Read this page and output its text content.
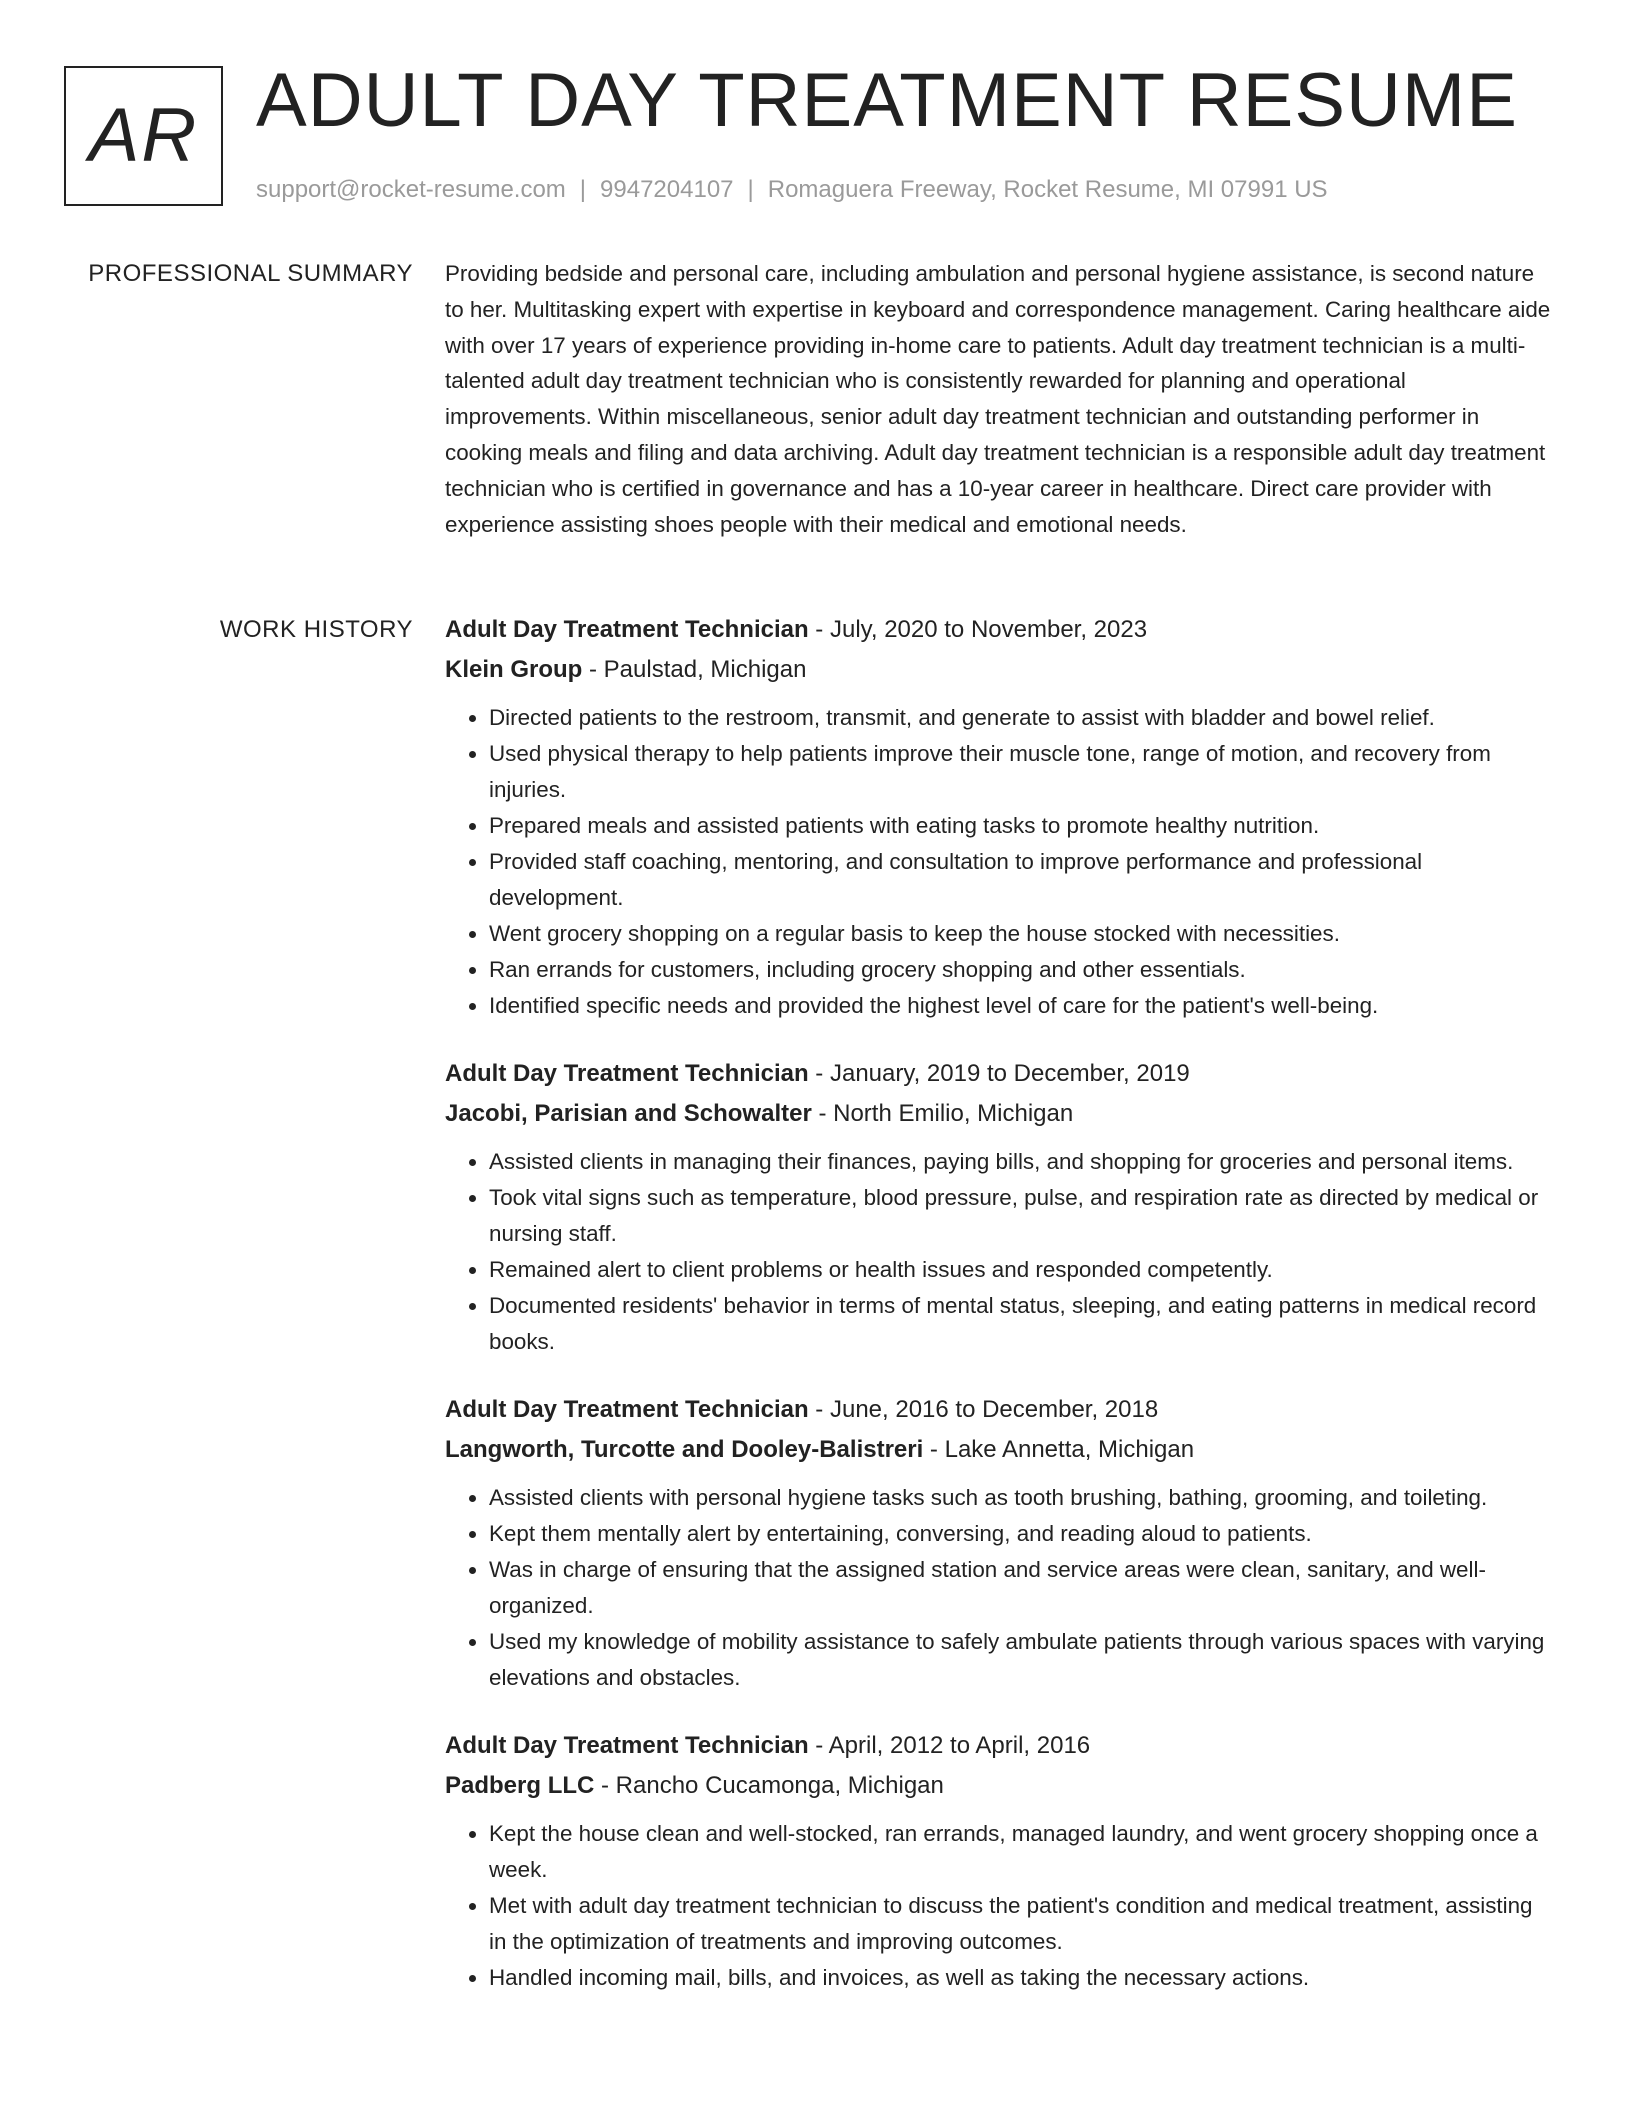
AR ADULT DAY TREATMENT RESUME
support@rocket-resume.com | 9947204107 | Romaguera Freeway, Rocket Resume, MI 07991 US
PROFESSIONAL SUMMARY Providing bedside and personal care, including ambulation and personal hygiene assistance, is second nature to her. Multitasking expert with expertise in keyboard and correspondence management. Caring healthcare aide with over 17 years of experience providing in-home care to patients. Adult day treatment technician is a multi-talented adult day treatment technician who is consistently rewarded for planning and operational improvements. Within miscellaneous, senior adult day treatment technician and outstanding performer in cooking meals and filing and data archiving. Adult day treatment technician is a responsible adult day treatment technician who is certified in governance and has a 10-year career in healthcare. Direct care provider with experience assisting shoes people with their medical and emotional needs.

WORK HISTORY Adult Day Treatment Technician - July, 2020 to November, 2023

Klein Group - Paulstad, Michigan

• Directed patients to the restroom, transmit, and generate to assist with bladder and bowel relief.
• Used physical therapy to help patients improve their muscle tone, range of motion, and recovery from injuries.
• Prepared meals and assisted patients with eating tasks to promote healthy nutrition.
• Provided staff coaching, mentoring, and consultation to improve performance and professional development.
• Went grocery shopping on a regular basis to keep the house stocked with necessities.
• Ran errands for customers, including grocery shopping and other essentials.
• Identified specific needs and provided the highest level of care for the patient's well-being.

Adult Day Treatment Technician - January, 2019 to December, 2019

Jacobi, Parisian and Schowalter - North Emilio, Michigan

• Assisted clients in managing their finances, paying bills, and shopping for groceries and personal items.
• Took vital signs such as temperature, blood pressure, pulse, and respiration rate as directed by medical or nursing staff.
• Remained alert to client problems or health issues and responded competently.
• Documented residents' behavior in terms of mental status, sleeping, and eating patterns in medical record books.

Adult Day Treatment Technician - June, 2016 to December, 2018

Langworth, Turcotte and Dooley-Balistreri - Lake Annetta, Michigan

• Assisted clients with personal hygiene tasks such as tooth brushing, bathing, grooming, and toileting.
• Kept them mentally alert by entertaining, conversing, and reading aloud to patients.
• Was in charge of ensuring that the assigned station and service areas were clean, sanitary, and well-organized.
• Used my knowledge of mobility assistance to safely ambulate patients through various spaces with varying elevations and obstacles.

Adult Day Treatment Technician - April, 2012 to April, 2016

Padberg LLC - Rancho Cucamonga, Michigan

• Kept the house clean and well-stocked, ran errands, managed laundry, and went grocery shopping once a week.
• Met with adult day treatment technician to discuss the patient's condition and medical treatment, assisting in the optimization of treatments and improving outcomes.
• Handled incoming mail, bills, and invoices, as well as taking the necessary actions.
